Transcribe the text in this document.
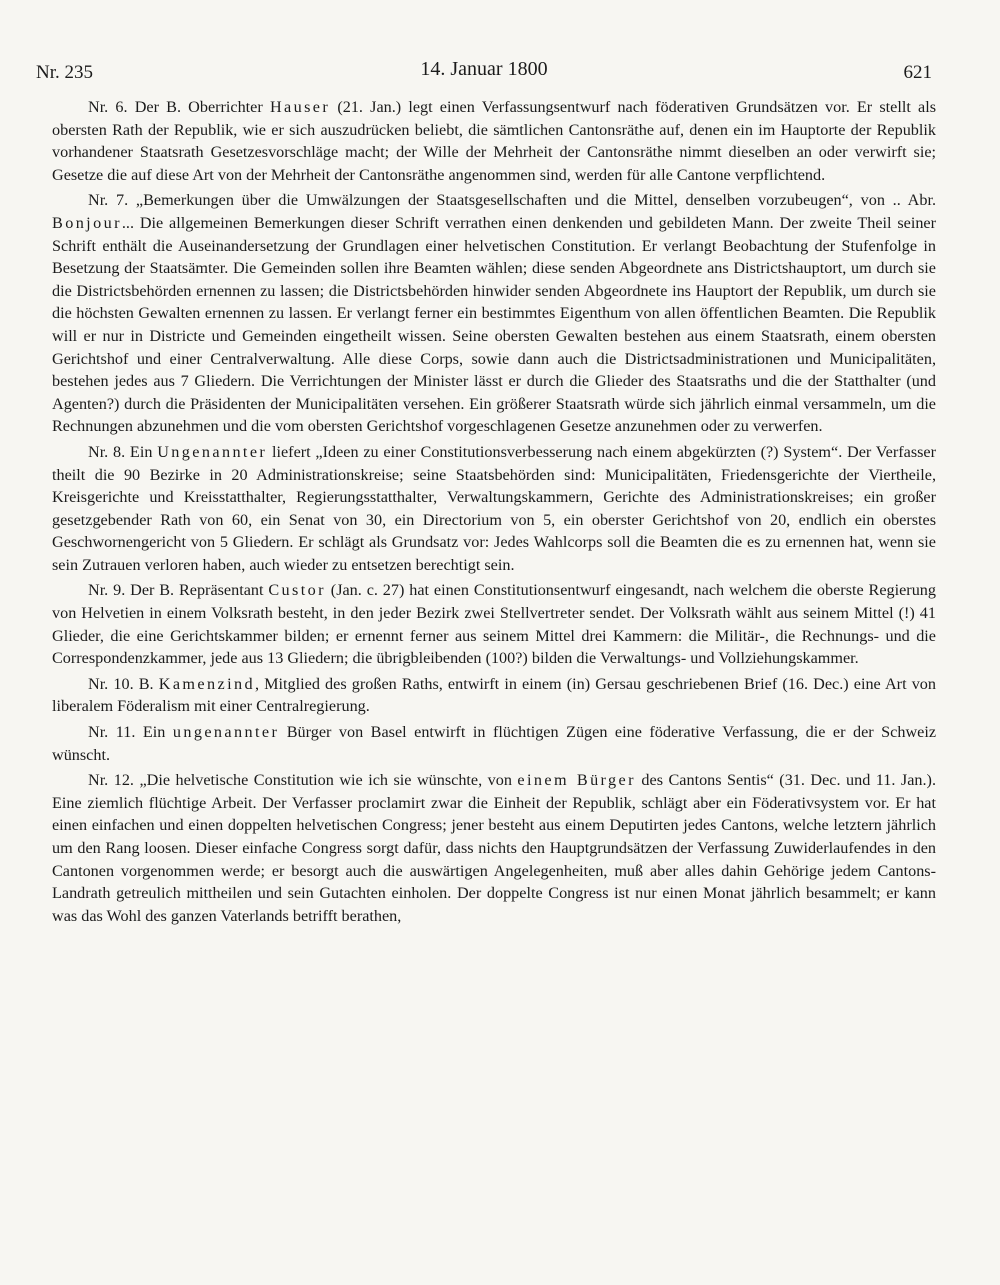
Nr. 235	14. Januar 1800	621

Nr. 6. Der B. Oberrichter Hauser (21. Jan.) legt einen Verfassungsentwurf nach föderativen Grundsätzen vor. Er stellt als obersten Rath der Republik, wie er sich auszudrücken beliebt, die sämtlichen Cantonsräthe auf, denen ein im Hauptorte der Republik vorhandener Staatsrath Gesetzesvorschläge macht; der Wille der Mehrheit der Cantonsräthe nimmt dieselben an oder verwirft sie; Gesetze die auf diese Art von der Mehrheit der Cantonsräthe angenommen sind, werden für alle Cantone verpflichtend.

Nr. 7. „Bemerkungen über die Umwälzungen der Staatsgesellschaften und die Mittel, denselben vorzubeugen“, von .. Abr. Bonjour... Die allgemeinen Bemerkungen dieser Schrift verrathen einen denkenden und gebildeten Mann. Der zweite Theil seiner Schrift enthält die Auseinandersetzung der Grundlagen einer helvetischen Constitution. Er verlangt Beobachtung der Stufenfolge in Besetzung der Staatsämter. Die Gemeinden sollen ihre Beamten wählen; diese senden Abgeordnete ans Districtshauptort, um durch sie die Districtsbehörden ernennen zu lassen; die Districtsbehörden hinwider senden Abgeordnete ins Hauptort der Republik, um durch sie die höchsten Gewalten ernennen zu lassen. Er verlangt ferner ein bestimmtes Eigenthum von allen öffentlichen Beamten. Die Republik will er nur in Districte und Gemeinden eingetheilt wissen. Seine obersten Gewalten bestehen aus einem Staatsrath, einem obersten Gerichtshof und einer Centralverwaltung. Alle diese Corps, sowie dann auch die Districtsadministrationen und Municipalitäten, bestehen jedes aus 7 Gliedern. Die Verrichtungen der Minister lässt er durch die Glieder des Staatsraths und die der Statthalter (und Agenten?) durch die Präsidenten der Municipalitäten versehen. Ein größerer Staatsrath würde sich jährlich einmal versammeln, um die Rechnungen abzunehmen und die vom obersten Gerichtshof vorgeschlagenen Gesetze anzunehmen oder zu verwerfen.

Nr. 8. Ein Ungenannter liefert „Ideen zu einer Constitutionsverbesserung nach einem abgekürzten (?) System“. Der Verfasser theilt die 90 Bezirke in 20 Administrationskreise; seine Staatsbehörden sind: Municipalitäten, Friedensgerichte der Viertheile, Kreisgerichte und Kreisstatthalter, Regierungsstatthalter, Verwaltungskammern, Gerichte des Administrationskreises; ein großer gesetzgebender Rath von 60, ein Senat von 30, ein Directorium von 5, ein oberster Gerichtshof von 20, endlich ein oberstes Geschwornengericht von 5 Gliedern. Er schlägt als Grundsatz vor: Jedes Wahlcorps soll die Beamten die es zu ernennen hat, wenn sie sein Zutrauen verloren haben, auch wieder zu entsetzen berechtigt sein.

Nr. 9. Der B. Repräsentant Custor (Jan. c. 27) hat einen Constitutionsentwurf eingesandt, nach welchem die oberste Regierung von Helvetien in einem Volksrath besteht, in den jeder Bezirk zwei Stellvertreter sendet. Der Volksrath wählt aus seinem Mittel (!) 41 Glieder, die eine Gerichtskammer bilden; er ernennt ferner aus seinem Mittel drei Kammern: die Militär-, die Rechnungs- und die Correspondenzkammer, jede aus 13 Gliedern; die übrigbleibenden (100?) bilden die Verwaltungs- und Vollziehungskammer.

Nr. 10. B. Kamenzind, Mitglied des großen Raths, entwirft in einem (in) Gersau geschriebenen Brief (16. Dec.) eine Art von liberalem Föderalism mit einer Centralregierung.

Nr. 11. Ein ungenannter Bürger von Basel entwirft in flüchtigen Zügen eine föderative Verfassung, die er der Schweiz wünscht.

Nr. 12. „Die helvetische Constitution wie ich sie wünschte, von einem Bürger des Cantons Sentis“ (31. Dec. und 11. Jan.). Eine ziemlich flüchtige Arbeit. Der Verfasser proclamirt zwar die Einheit der Republik, schlägt aber ein Föderativsystem vor. Er hat einen einfachen und einen doppelten helvetischen Congress; jener besteht aus einem Deputirten jedes Cantons, welche letztern jährlich um den Rang loosen. Dieser einfache Congress sorgt dafür, dass nichts den Hauptgrundsätzen der Verfassung Zuwiderlaufendes in den Cantonen vorgenommen werde; er besorgt auch die auswärtigen Angelegenheiten, muß aber alles dahin Gehörige jedem Cantons-Landrath getreulich mittheilen und sein Gutachten einholen. Der doppelte Congress ist nur einen Monat jährlich besammelt; er kann was das Wohl des ganzen Vaterlands betrifft berathen,
